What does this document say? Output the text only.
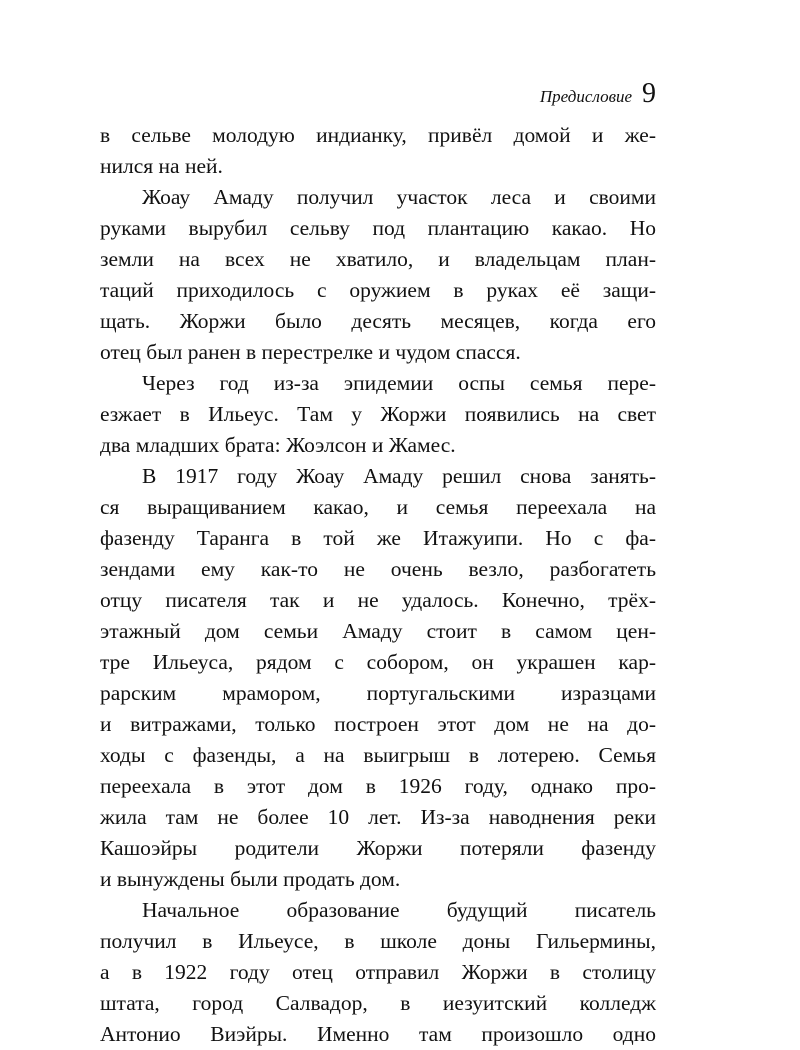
Предисловие 9
в сельве молодую индианку, привёл домой и же-
нился на ней.
Жоау Амаду получил участок леса и своими
руками вырубил сельву под плантацию какао. Но
земли на всех не хватило, и владельцам план-
таций приходилось с оружием в руках её защи-
щать. Жоржи было десять месяцев, когда его
отец был ранен в перестрелке и чудом спасся.
Через год из-за эпидемии оспы семья пере-
езжает в Ильеус. Там у Жоржи появились на свет
два младших брата: Жоэлсон и Жамес.
В 1917 году Жоау Амаду решил снова занять-
ся выращиванием какао, и семья переехала на
фазенду Таранга в той же Итажуипи. Но с фа-
зендами ему как-то не очень везло, разбогатеть
отцу писателя так и не удалось. Конечно, трёх-
этажный дом семьи Амаду стоит в самом цен-
тре Ильеуса, рядом с собором, он украшен кар-
рарским мрамором, португальскими изразцами
и витражами, только построен этот дом не на до-
ходы с фазенды, а на выигрыш в лотерею. Семья
переехала в этот дом в 1926 году, однако про-
жила там не более 10 лет. Из-за наводнения реки
Кашоэйры родители Жоржи потеряли фазенду
и вынуждены были продать дом.
Начальное образование будущий писатель
получил в Ильеусе, в школе доны Гильермины,
а в 1922 году отец отправил Жоржи в столицу
штата, город Салвадор, в иезуитский колледж
Антонио Виэйры. Именно там произошло одно
